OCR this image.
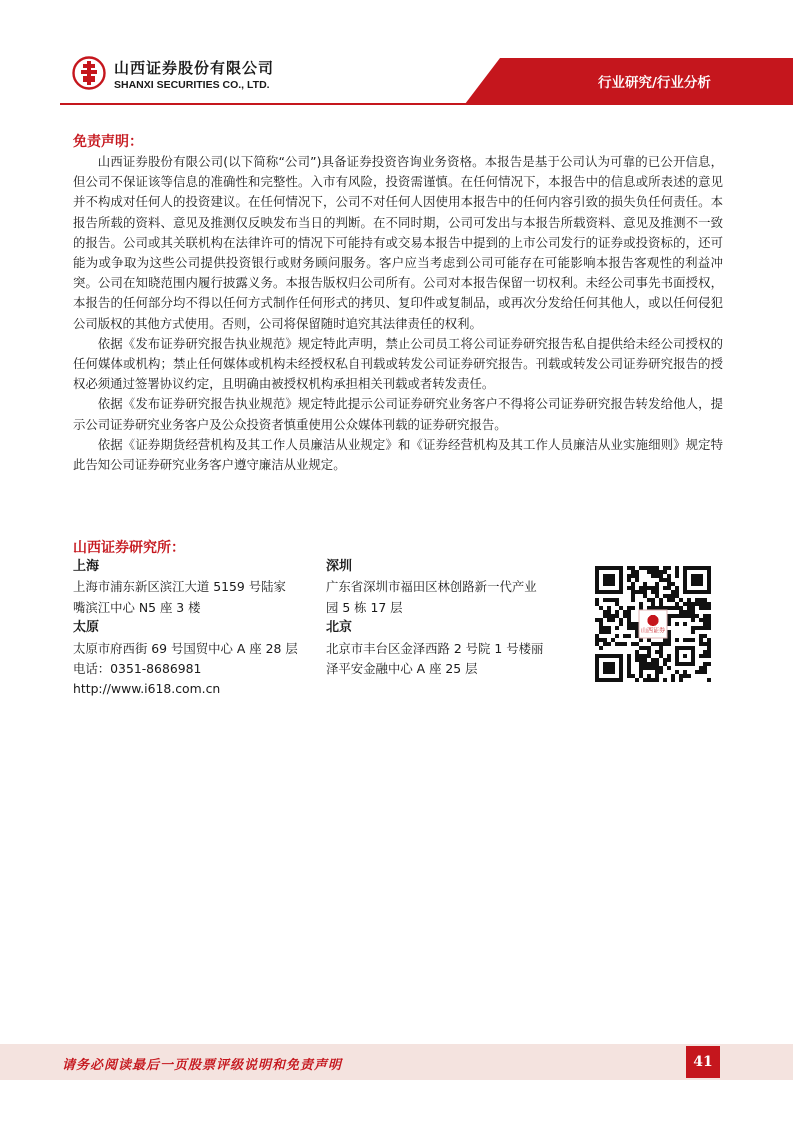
山西证券股份有限公司
SHANXI SECURITIES CO., LTD.	行业研究/行业分析
免责声明：

山西证券股份有限公司(以下简称“公司”)具备证券投资咨询业务资格。本报告是基于公司认为可靠的已公开信息，但公司不保证该等信息的准确性和完整性。入市有风险，投资需谨慎。在任何情况下，本报告中的信息或所表述的意见并不构成对任何人的投资建议。在任何情况下，公司不对任何人因使用本报告中的任何内容引致的损失负任何责任。本报告所载的资料、意见及推测仅反映发布当日的判断。在不同时期，公司可发出与本报告所载资料、意见及推测不一致的报告。公司或其关联机构在法律许可的情况下可能持有或交易本报告中提到的上市公司发行的证券或投资标的，还可能为或争取为这些公司提供投资银行或财务顾问服务。客户应当考虑到公司可能存在可能影响本报告客观性的利益冲突。公司在知晓范围内履行披露义务。本报告版权归公司所有。公司对本报告保留一切权利。未经公司事先书面授权，本报告的任何部分均不得以任何方式制作任何形式的拷贝、复印件或复制品，或再次分发给任何其他人，或以任何侵犯公司版权的其他方式使用。否则，公司将保留随时追究其法律责任的权利。

依据《发布证券研究报告执业规范》规定特此声明，禁止公司员工将公司证券研究报告私自提供给未经公司授权的任何媒体或机构；禁止任何媒体或机构未经授权私自刊载或转发公司证券研究报告。刊载或转发公司证券研究报告的授权必须通过签署协议约定，且明确由被授权机构承担相关刊载或者转发责任。

依据《发布证券研究报告执业规范》规定特此提示公司证券研究业务客户不得将公司证券研究报告转发给他人，提示公司证券研究业务客户及公众投资者慎重使用公众媒体刊载的证券研究报告。

依据《证券期货经营机构及其工作人员廉洁从业规定》和《证券经营机构及其工作人员廉洁从业实施细则》规定特此告知公司证券研究业务客户遵守廉洁从业规定。

山西证券研究所：
上海
上海市浦东新区滨江大道 5159 号陆家
嘴滨江中心 N5 座 3 楼
太原
太原市府西街 69 号国贸中心 A 座 28 层
电话：0351-8686981
http://www.i618.com.cn
深圳
广东省深圳市福田区林创路新一代产业
园 5 栋 17 层
北京
北京市丰台区金泽西路 2 号院 1 号楼丽
泽平安金融中心 A 座 25 层
山西证券
请务必阅读最后一页股票评级说明和免责声明	41
